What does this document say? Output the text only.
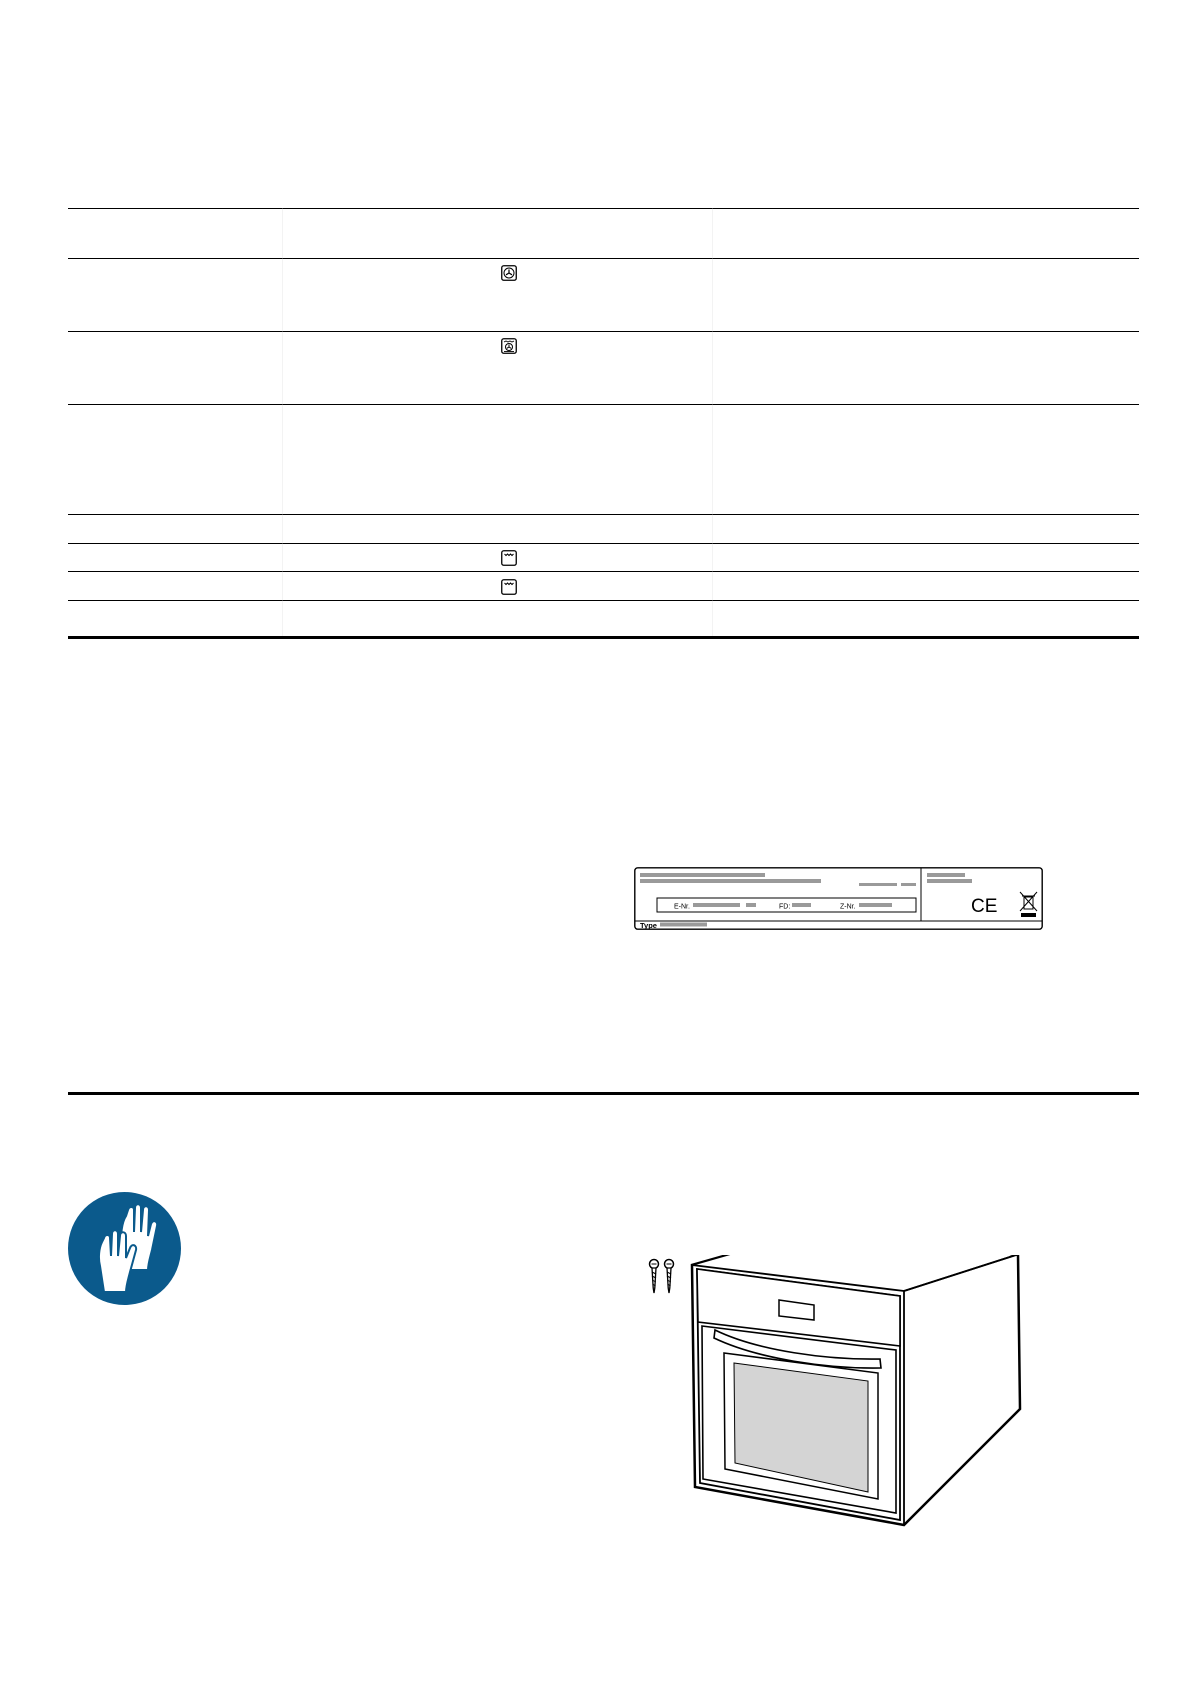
E-Nr.	FD:	Z-Nr.
Type
CE
